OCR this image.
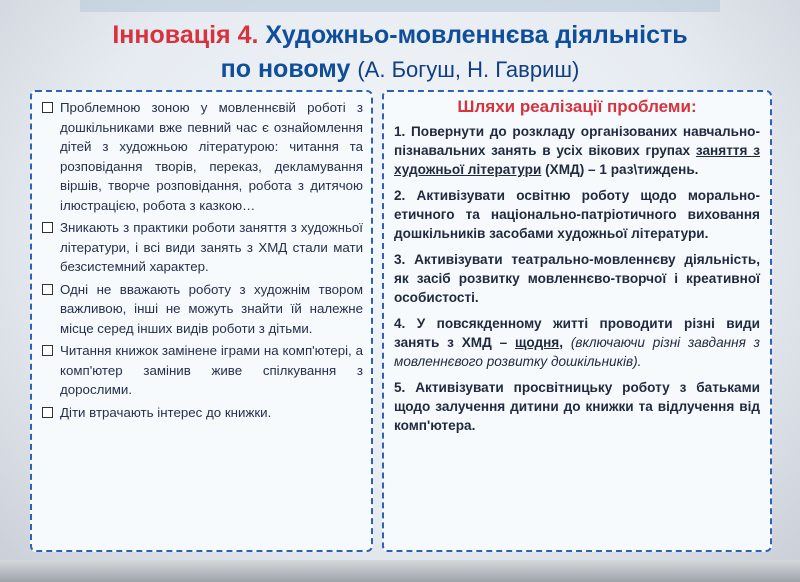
Інновація 4. Художньо-мовленнєва діяльність
по новому (А. Богуш, Н. Гавриш)
Проблемною зоною у мовленнєвій роботі з дошкільниками вже певний час є ознайомлення дітей з художньою літературою: читання та розповідання творів, переказ, декламування віршів, творче розповідання, робота з дитячою ілюстрацією, робота з казкою…
Зникають з практики роботи заняття з художньої літератури, і всі види занять з ХМД стали мати безсистемний характер.
Одні не вважають роботу з художнім твором важливою, інші не можуть знайти їй належне місце серед інших видів роботи з дітьми.
Читання книжок замінене іграми на комп'ютері, а комп'ютер замінив живе спілкування з дорослими.
Діти втрачають інтерес до книжки.
Шляхи реалізації проблеми:
1. Повернути до розкладу організованих навчально-пізнавальних занять в усіх вікових групах заняття з художньої літератури (ХМД) – 1 раз\тиждень.
2. Активізувати освітню роботу щодо морально-етичного та національно-патріотичного виховання дошкільників засобами художньої літератури.
3. Активізувати театрально-мовленнєву діяльність, як засіб розвитку мовленнєво-творчої і креативної особистості.
4. У повсякденному житті проводити різні види занять з ХМД – щодня, (включаючи різні завдання з мовленнєвого розвитку дошкільників).
5. Активізувати просвітницьку роботу з батьками щодо залучення дитини до книжки та відлучення від комп'ютера.
